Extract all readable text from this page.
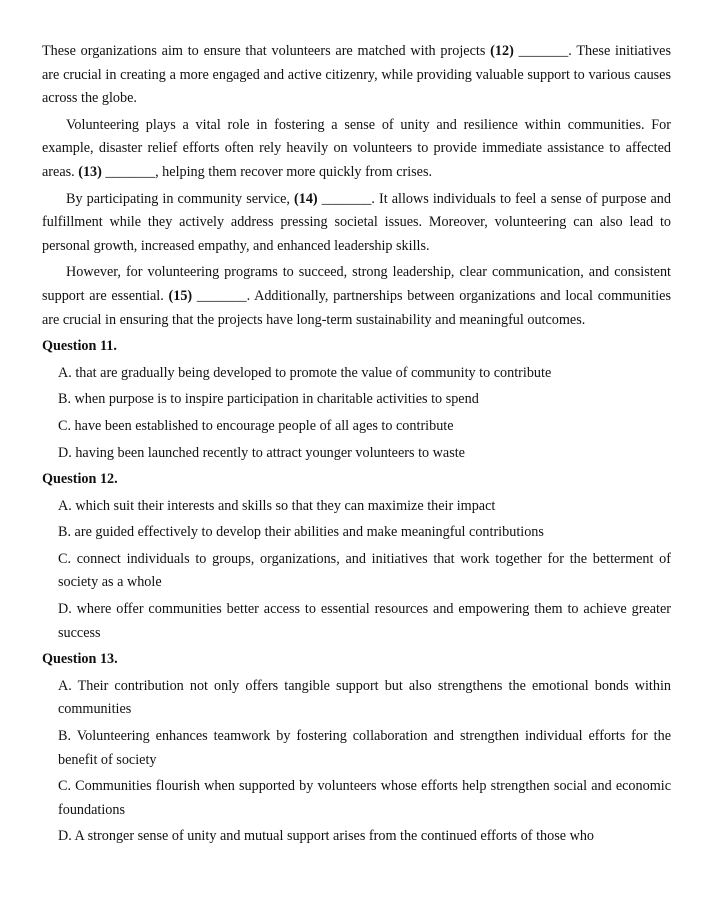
These organizations aim to ensure that volunteers are matched with projects (12) _______. These initiatives are crucial in creating a more engaged and active citizenry, while providing valuable support to various causes across the globe.

Volunteering plays a vital role in fostering a sense of unity and resilience within communities. For example, disaster relief efforts often rely heavily on volunteers to provide immediate assistance to affected areas. (13) _______, helping them recover more quickly from crises.

By participating in community service, (14) _______. It allows individuals to feel a sense of purpose and fulfillment while they actively address pressing societal issues. Moreover, volunteering can also lead to personal growth, increased empathy, and enhanced leadership skills.

However, for volunteering programs to succeed, strong leadership, clear communication, and consistent support are essential. (15) _______. Additionally, partnerships between organizations and local communities are crucial in ensuring that the projects have long-term sustainability and meaningful outcomes.

Question 11.
A. that are gradually being developed to promote the value of community to contribute
B. when purpose is to inspire participation in charitable activities to spend
C. have been established to encourage people of all ages to contribute
D. having been launched recently to attract younger volunteers to waste
Question 12.
A. which suit their interests and skills so that they can maximize their impact
B. are guided effectively to develop their abilities and make meaningful contributions
C. connect individuals to groups, organizations, and initiatives that work together for the betterment of society as a whole
D. where offer communities better access to essential resources and empowering them to achieve greater success
Question 13.
A. Their contribution not only offers tangible support but also strengthens the emotional bonds within communities
B. Volunteering enhances teamwork by fostering collaboration and strengthen individual efforts for the benefit of society
C. Communities flourish when supported by volunteers whose efforts help strengthen social and economic foundations
D. A stronger sense of unity and mutual support arises from the continued efforts of those who
